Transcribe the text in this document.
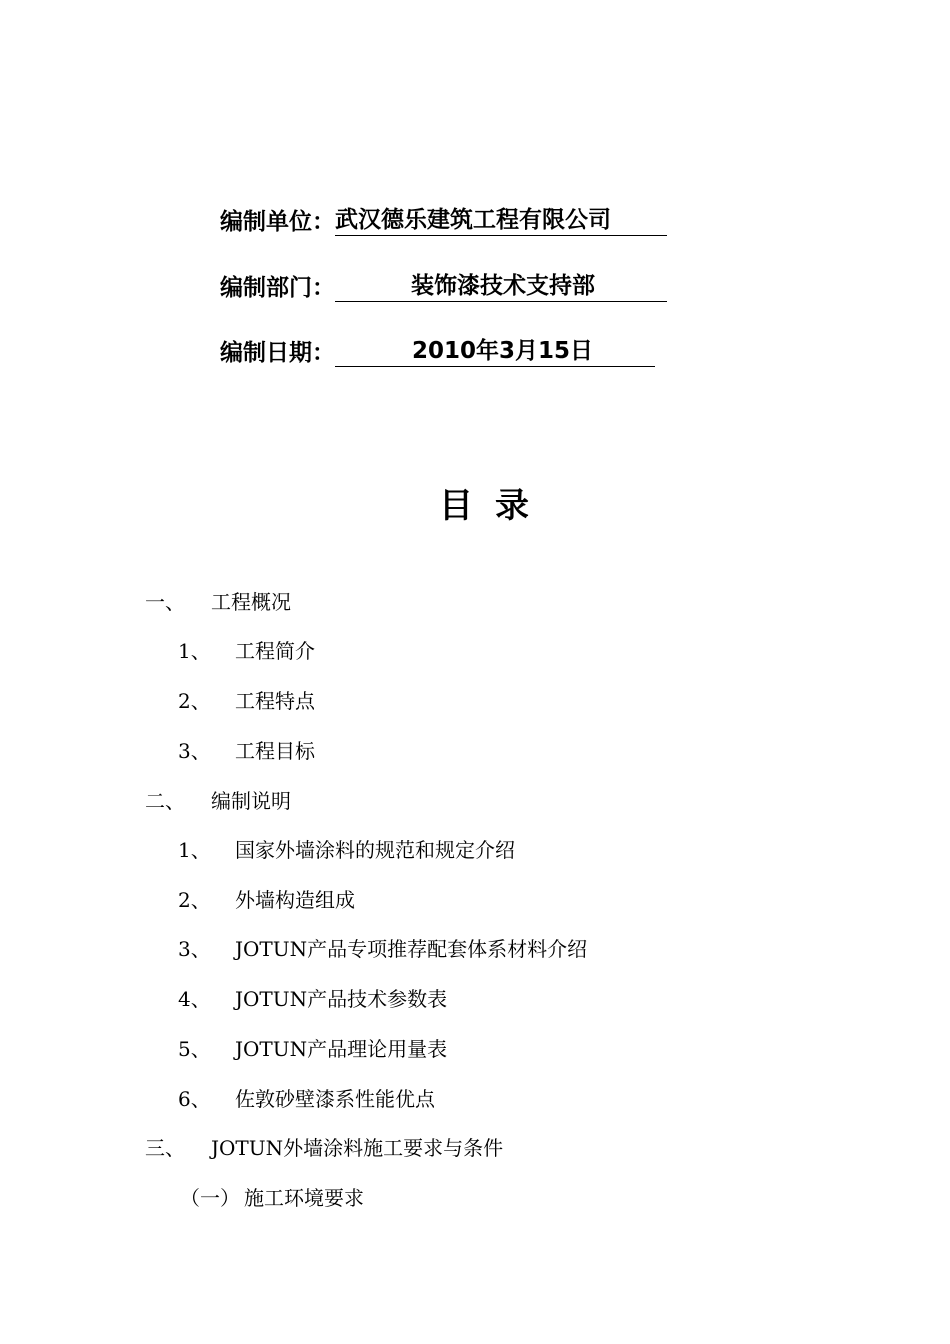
编制单位： 武汉德乐建筑工程有限公司
编制部门：	装饰漆技术支持部
编制日期：	2010年3月15日
目录
一、 工程概况
1、 工程简介
2、 工程特点
3、 工程目标
二、 编制说明
1、 国家外墙涂料的规范和规定介绍
2、 外墙构造组成
3、 JOTUN产品专项推荐配套体系材料介绍
4、 JOTUN产品技术参数表
5、 JOTUN产品理论用量表
6、 佐敦砂壁漆系性能优点
三、 JOTUN外墙涂料施工要求与条件
（一） 施工环境要求
